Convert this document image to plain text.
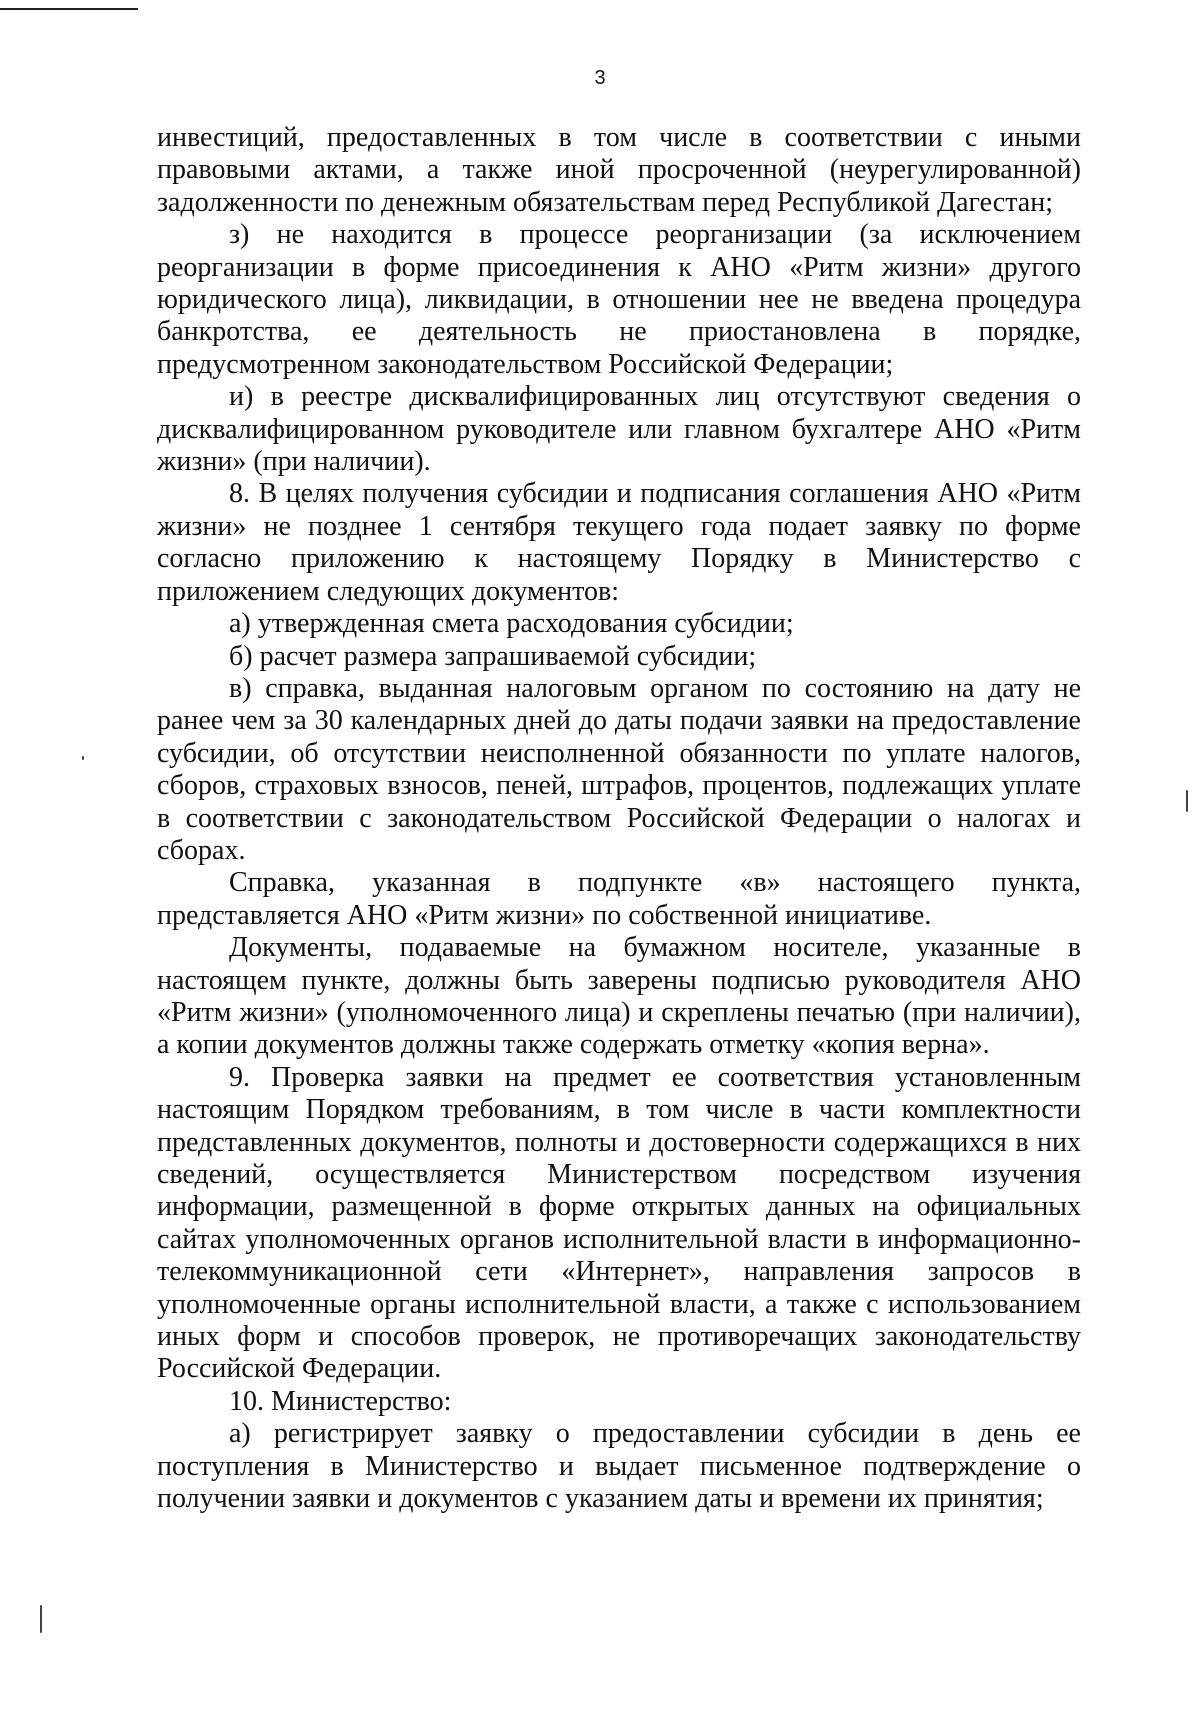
3

инвестиций, предоставленных в том числе в соответствии с иными правовыми актами, а также иной просроченной (неурегулированной) задолженности по денежным обязательствам перед Республикой Дагестан;

з) не находится в процессе реорганизации (за исключением реорганизации в форме присоединения к АНО «Ритм жизни» другого юридического лица), ликвидации, в отношении нее не введена процедура банкротства, ее деятельность не приостановлена в порядке, предусмотренном законодательством Российской Федерации;

и) в реестре дисквалифицированных лиц отсутствуют сведения о дисквалифицированном руководителе или главном бухгалтере АНО «Ритм жизни» (при наличии).

8. В целях получения субсидии и подписания соглашения АНО «Ритм жизни» не позднее 1 сентября текущего года подает заявку по форме согласно приложению к настоящему Порядку в Министерство с приложением следующих документов:

а) утвержденная смета расходования субсидии;

б) расчет размера запрашиваемой субсидии;

в) справка, выданная налоговым органом по состоянию на дату не ранее чем за 30 календарных дней до даты подачи заявки на предоставление субсидии, об отсутствии неисполненной обязанности по уплате налогов, сборов, страховых взносов, пеней, штрафов, процентов, подлежащих уплате в соответствии с законодательством Российской Федерации о налогах и сборах.

Справка, указанная в подпункте «в» настоящего пункта, представляется АНО «Ритм жизни» по собственной инициативе.

Документы, подаваемые на бумажном носителе, указанные в настоящем пункте, должны быть заверены подписью руководителя АНО «Ритм жизни» (уполномоченного лица) и скреплены печатью (при наличии), а копии документов должны также содержать отметку «копия верна».

9. Проверка заявки на предмет ее соответствия установленным настоящим Порядком требованиям, в том числе в части комплектности представленных документов, полноты и достоверности содержащихся в них сведений, осуществляется Министерством посредством изучения информации, размещенной в форме открытых данных на официальных сайтах уполномоченных органов исполнительной власти в информационно-телекоммуникационной сети «Интернет», направления запросов в уполномоченные органы исполнительной власти, а также с использованием иных форм и способов проверок, не противоречащих законодательству Российской Федерации.

10. Министерство:

а) регистрирует заявку о предоставлении субсидии в день ее поступления в Министерство и выдает письменное подтверждение о получении заявки и документов с указанием даты и времени их принятия;
